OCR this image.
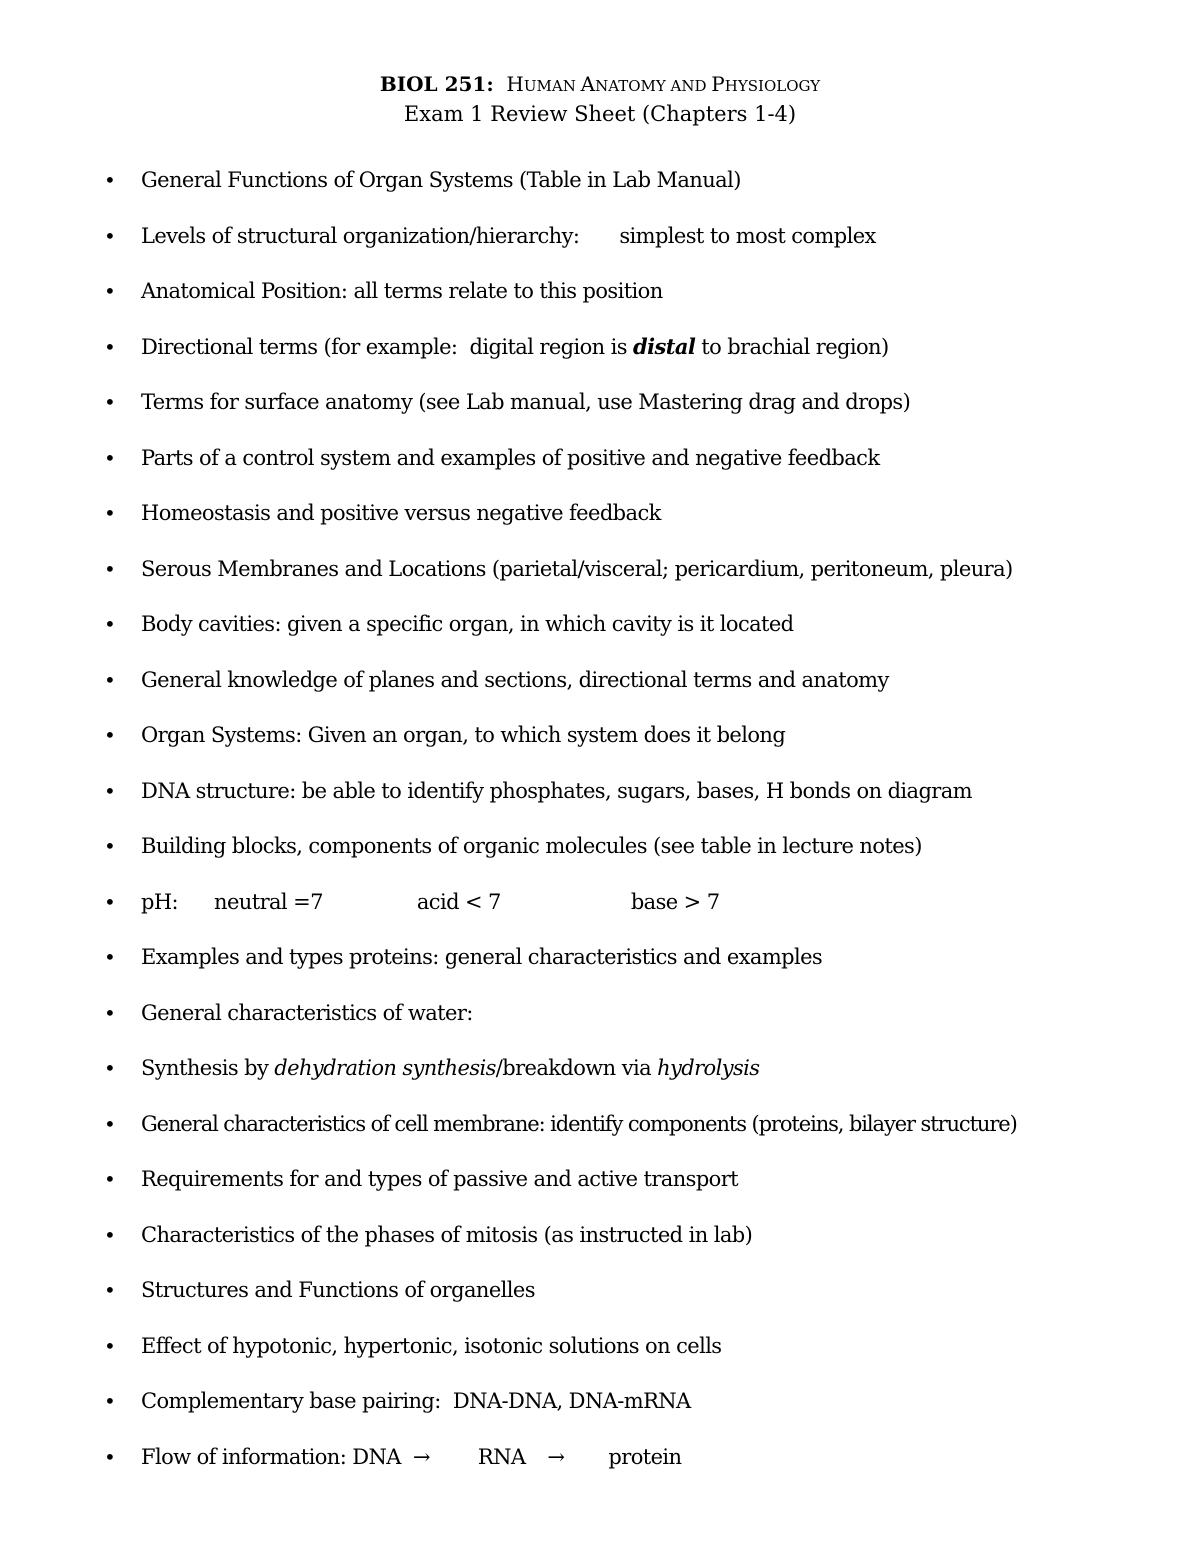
BIOL 251: HUMAN ANATOMY AND PHYSIOLOGY
Exam 1 Review Sheet (Chapters 1-4)
• General Functions of Organ Systems (Table in Lab Manual)
• Levels of structural organization/hierarchy: simplest to most complex
• Anatomical Position: all terms relate to this position
• Directional terms (for example:  digital region is distal to brachial region)
• Terms for surface anatomy (see Lab manual, use Mastering drag and drops)
• Parts of a control system and examples of positive and negative feedback
• Homeostasis and positive versus negative feedback
• Serous Membranes and Locations (parietal/visceral; pericardium, peritoneum, pleura)
• Body cavities: given a specific organ, in which cavity is it located
• General knowledge of planes and sections, directional terms and anatomy
• Organ Systems: Given an organ, to which system does it belong
• DNA structure: be able to identify phosphates, sugars, bases, H bonds on diagram
• Building blocks, components of organic molecules (see table in lecture notes)
• pH: neutral =7	acid < 7	base > 7
• Examples and types proteins: general characteristics and examples
• General characteristics of water:
• Synthesis by dehydration synthesis/breakdown via hydrolysis
• General characteristics of cell membrane: identify components (proteins, bilayer structure)
• Requirements for and types of passive and active transport
• Characteristics of the phases of mitosis (as instructed in lab)
• Structures and Functions of organelles
• Effect of hypotonic, hypertonic, isotonic solutions on cells
• Complementary base pairing:  DNA-DNA, DNA-mRNA
• Flow of information: DNA → RNA → protein
